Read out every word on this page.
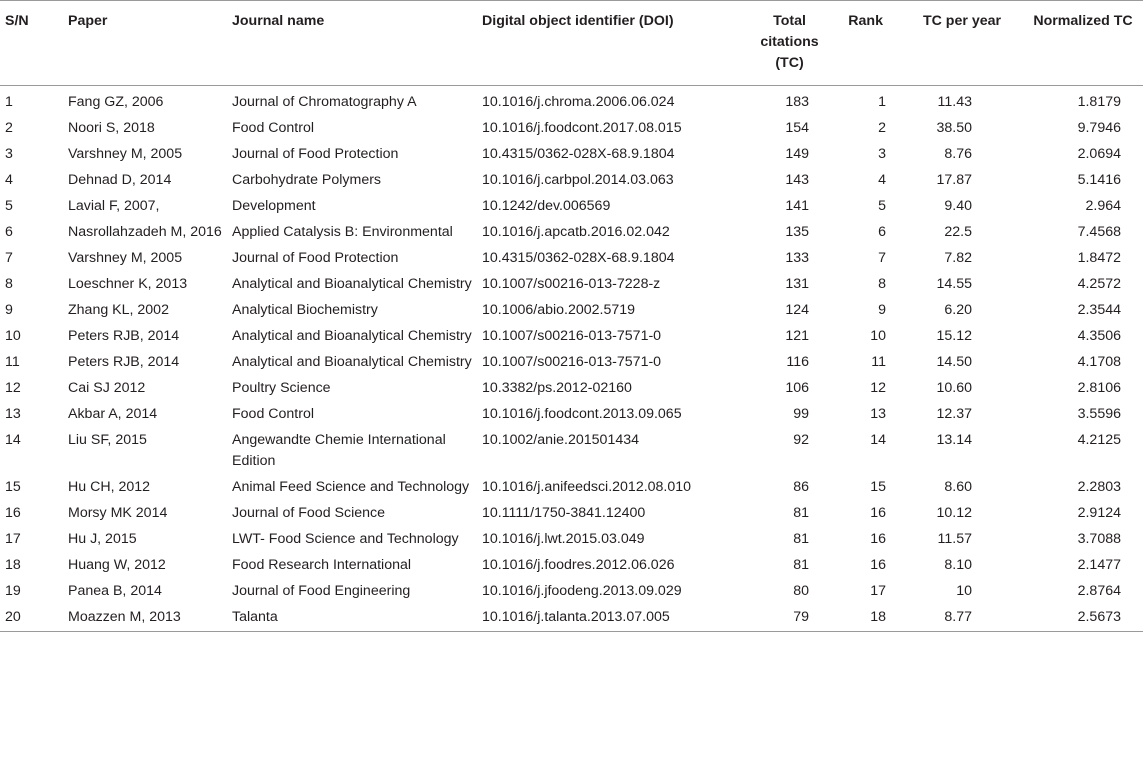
S/N	Paper	Journal name	Digital object identifier (DOI)	Total citations (TC)	Rank	TC per year	Normalized TC
1	Fang GZ, 2006	Journal of Chromatography A	10.1016/j.chroma.2006.06.024	183	1	11.43	1.8179
2	Noori S, 2018	Food Control	10.1016/j.foodcont.2017.08.015	154	2	38.50	9.7946
3	Varshney M, 2005	Journal of Food Protection	10.4315/0362-028X-68.9.1804	149	3	8.76	2.0694
4	Dehnad D, 2014	Carbohydrate Polymers	10.1016/j.carbpol.2014.03.063	143	4	17.87	5.1416
5	Lavial F, 2007,	Development	10.1242/dev.006569	141	5	9.40	2.964
6	Nasrollahzadeh M, 2016	Applied Catalysis B: Environmental	10.1016/j.apcatb.2016.02.042	135	6	22.5	7.4568
7	Varshney M, 2005	Journal of Food Protection	10.4315/0362-028X-68.9.1804	133	7	7.82	1.8472
8	Loeschner K, 2013	Analytical and Bioanalytical Chemistry	10.1007/s00216-013-7228-z	131	8	14.55	4.2572
9	Zhang KL, 2002	Analytical Biochemistry	10.1006/abio.2002.5719	124	9	6.20	2.3544
10	Peters RJB, 2014	Analytical and Bioanalytical Chemistry	10.1007/s00216-013-7571-0	121	10	15.12	4.3506
11	Peters RJB, 2014	Analytical and Bioanalytical Chemistry	10.1007/s00216-013-7571-0	116	11	14.50	4.1708
12	Cai SJ 2012	Poultry Science	10.3382/ps.2012-02160	106	12	10.60	2.8106
13	Akbar A, 2014	Food Control	10.1016/j.foodcont.2013.09.065	99	13	12.37	3.5596
14	Liu SF, 2015	Angewandte Chemie International Edition	10.1002/anie.201501434	92	14	13.14	4.2125
15	Hu CH, 2012	Animal Feed Science and Technology	10.1016/j.anifeedsci.2012.08.010	86	15	8.60	2.2803
16	Morsy MK 2014	Journal of Food Science	10.1111/1750-3841.12400	81	16	10.12	2.9124
17	Hu J, 2015	LWT- Food Science and Technology	10.1016/j.lwt.2015.03.049	81	16	11.57	3.7088
18	Huang W, 2012	Food Research International	10.1016/j.foodres.2012.06.026	81	16	8.10	2.1477
19	Panea B, 2014	Journal of Food Engineering	10.1016/j.jfoodeng.2013.09.029	80	17	10	2.8764
20	Moazzen M, 2013	Talanta	10.1016/j.talanta.2013.07.005	79	18	8.77	2.5673
